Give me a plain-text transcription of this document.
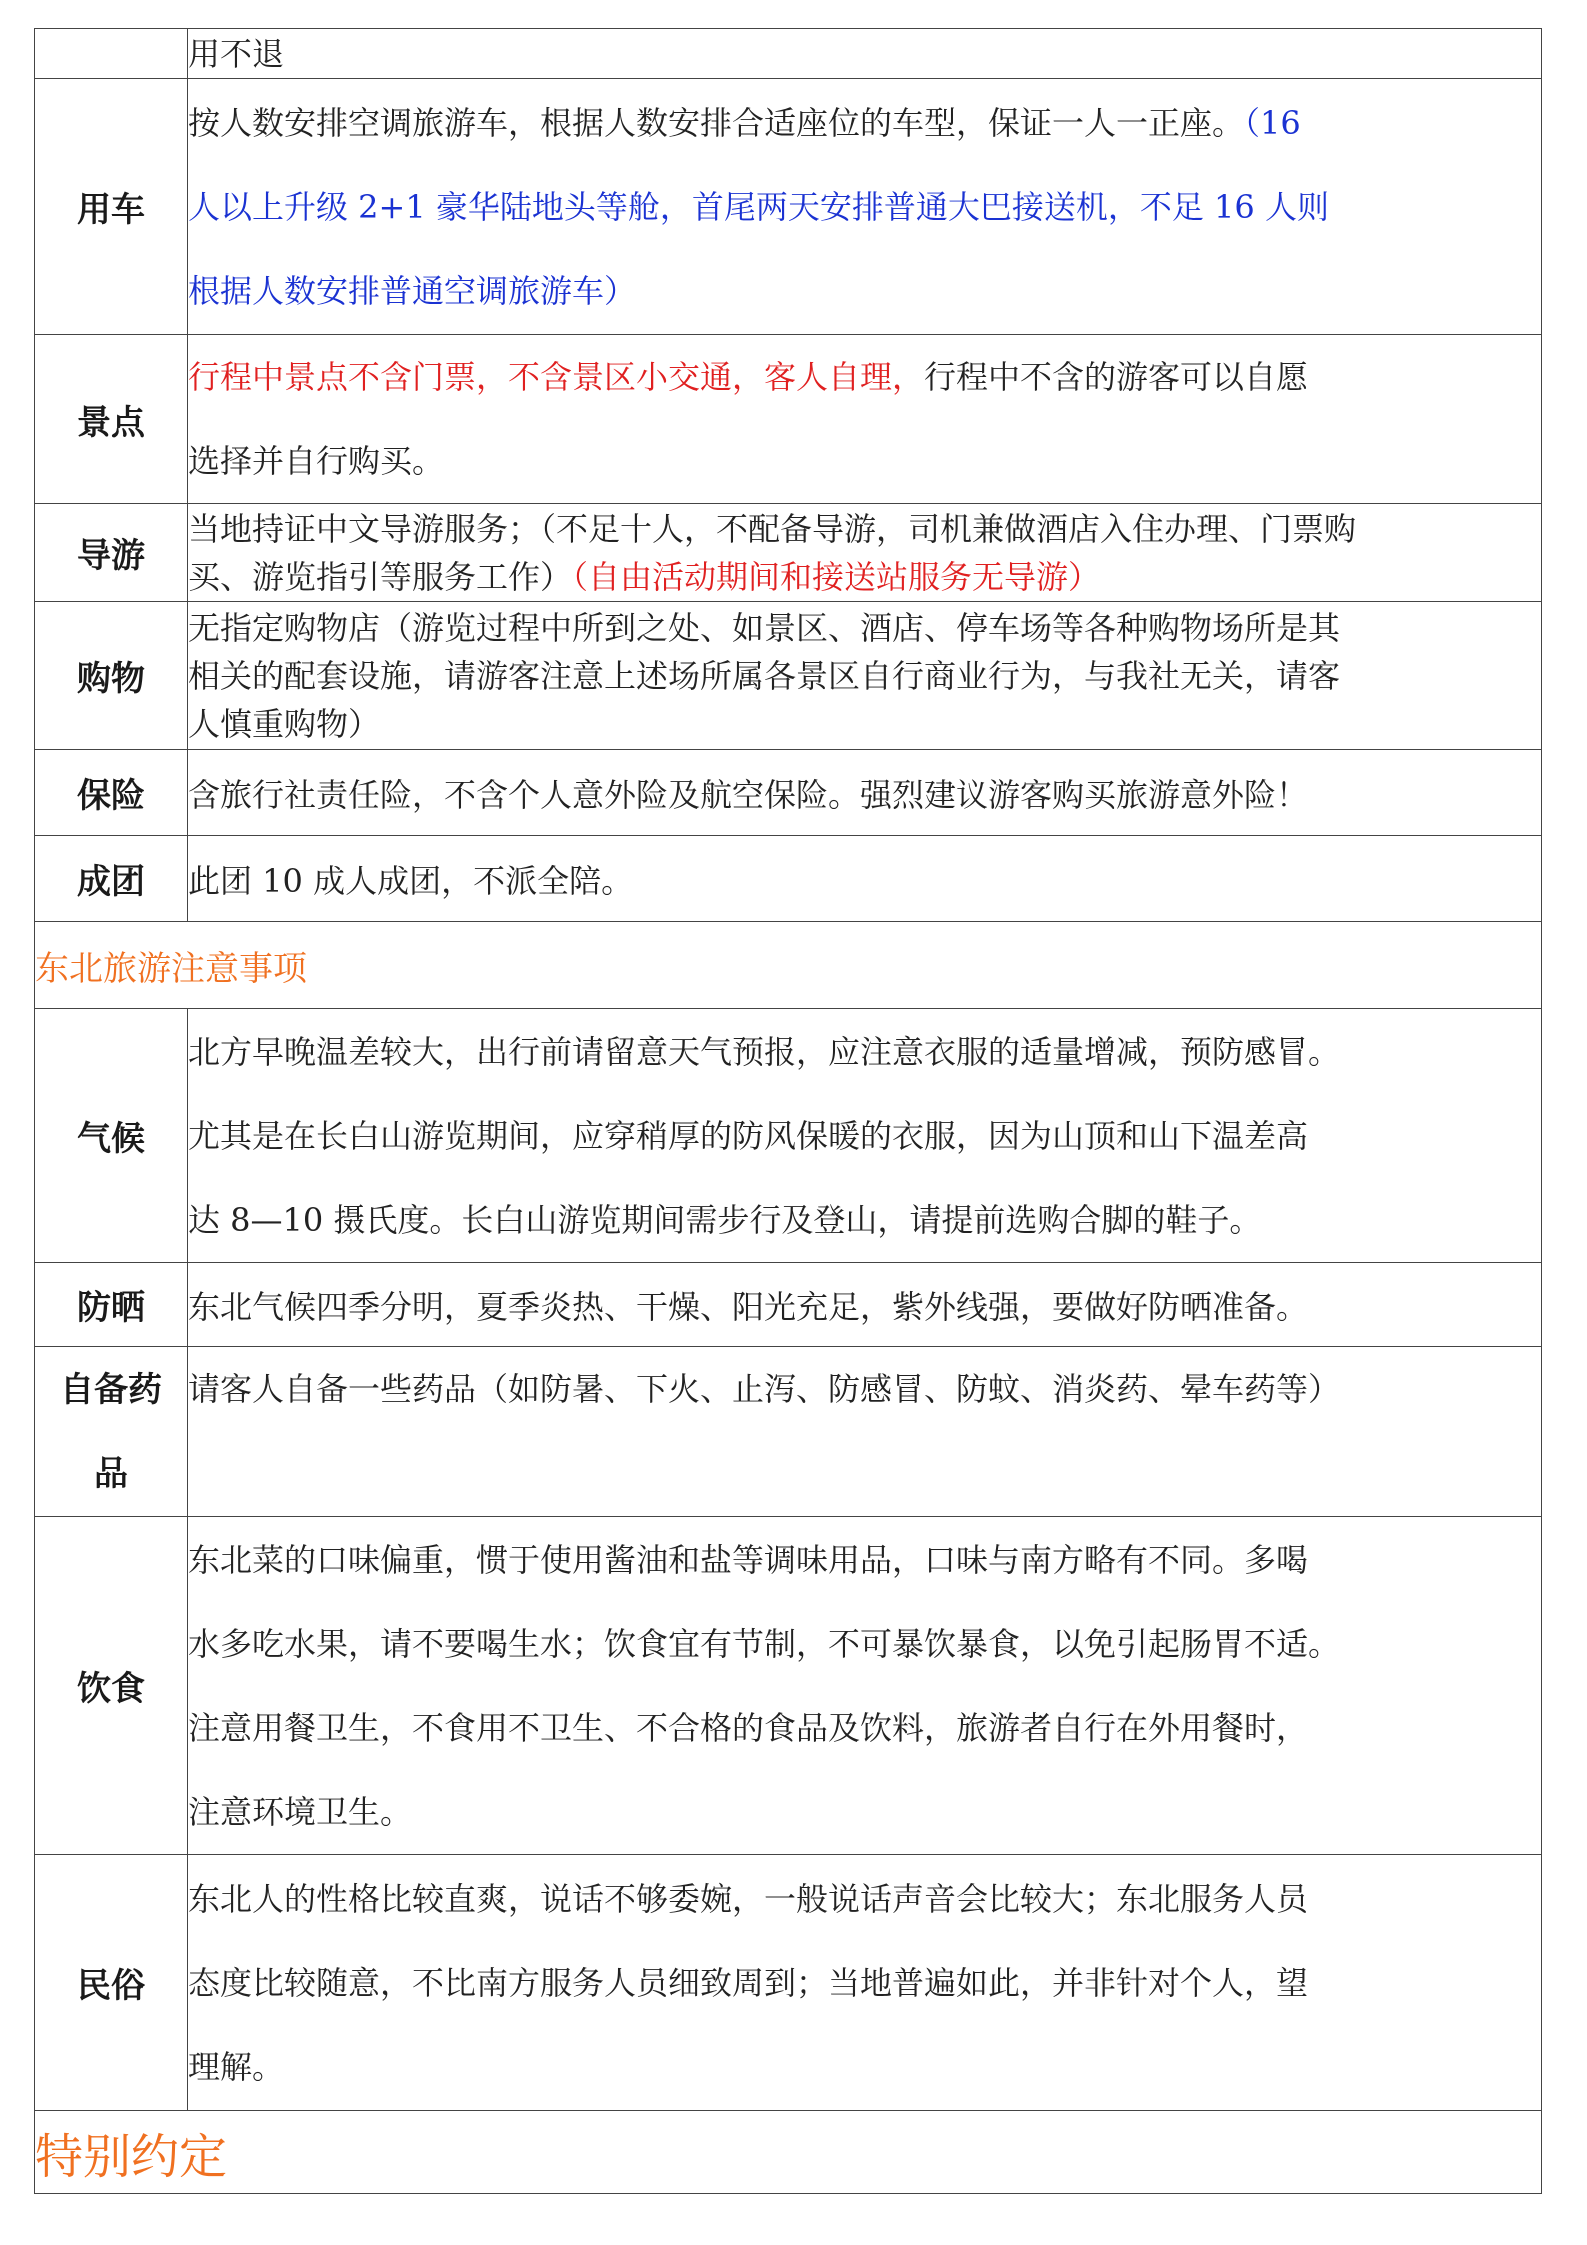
	用不退

用车	按人数安排空调旅游车，根据人数安排合适座位的车型，保证一人一正座。（16
人以上升级 2+1 豪华陆地头等舱，首尾两天安排普通大巴接送机，不足 16 人则
根据人数安排普通空调旅游车）

景点	行程中景点不含门票，不含景区小交通，客人自理，行程中不含的游客可以自愿
选择并自行购买。

导游	当地持证中文导游服务；（不足十人，不配备导游，司机兼做酒店入住办理、门票购
买、游览指引等服务工作）（自由活动期间和接送站服务无导游）

购物	无指定购物店（游览过程中所到之处、如景区、酒店、停车场等各种购物场所是其
相关的配套设施，请游客注意上述场所属各景区自行商业行为，与我社无关，请客
人慎重购物）

保险	含旅行社责任险，不含个人意外险及航空保险。强烈建议游客购买旅游意外险！

成团	此团 10 成人成团，不派全陪。

东北旅游注意事项	
气候	北方早晚温差较大，出行前请留意天气预报，应注意衣服的适量增减，预防感冒。
尤其是在长白山游览期间，应穿稍厚的防风保暖的衣服，因为山顶和山下温差高
达 8—10 摄氏度。长白山游览期间需步行及登山，请提前选购合脚的鞋子。

防晒	东北气候四季分明，夏季炎热、干燥、阳光充足，紫外线强，要做好防晒准备。

自备药
品	请客人自备一些药品（如防暑、下火、止泻、防感冒、防蚊、消炎药、晕车药等）

饮食	东北菜的口味偏重，惯于使用酱油和盐等调味用品，口味与南方略有不同。多喝
水多吃水果，请不要喝生水；饮食宜有节制，不可暴饮暴食，以免引起肠胃不适。
注意用餐卫生，不食用不卫生、不合格的食品及饮料，旅游者自行在外用餐时，
注意环境卫生。

民俗	东北人的性格比较直爽，说话不够委婉，一般说话声音会比较大；东北服务人员
态度比较随意，不比南方服务人员细致周到；当地普遍如此，并非针对个人，望
理解。

特别约定	
